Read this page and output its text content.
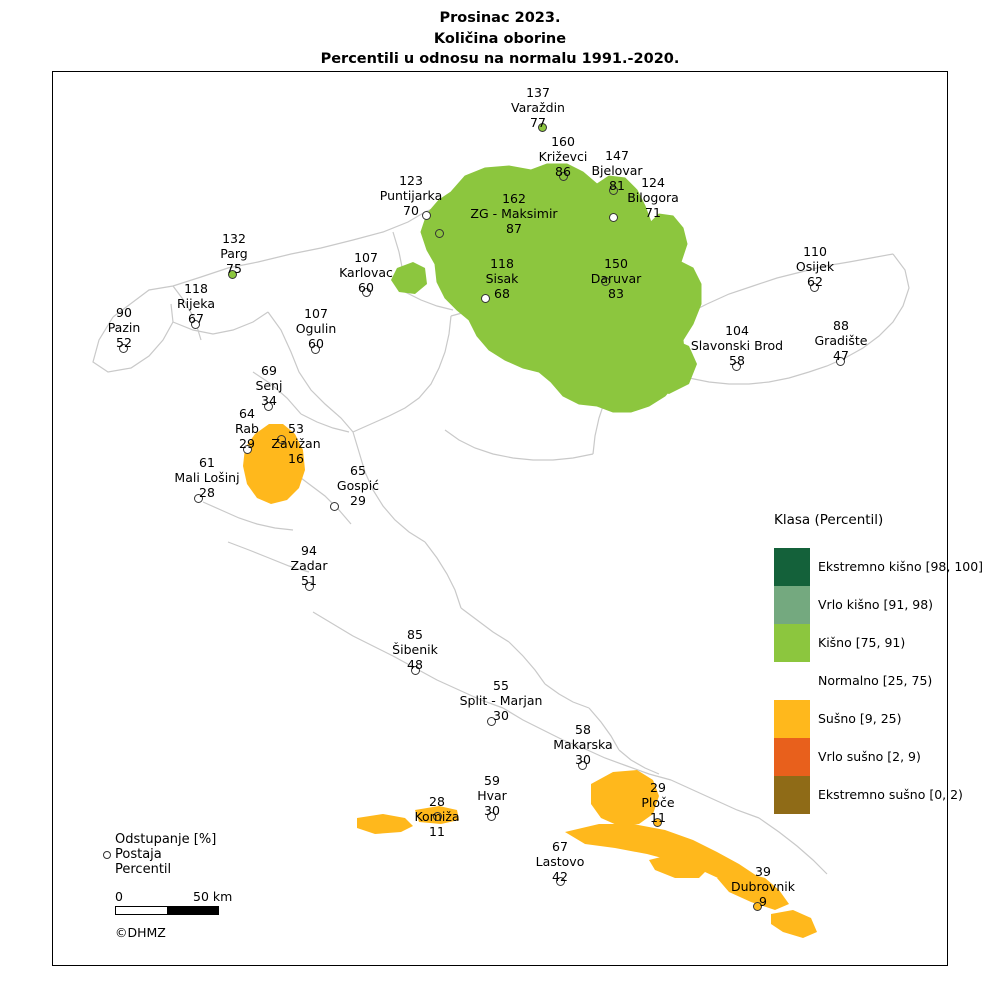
Prosinac 2023.
Količina oborine
Percentili u odnosu na normalu 1991.-2020.
Klasa (Percentil)
Ekstremno kišno [98, 100]
Vrlo kišno [91, 98)
Kišno [75, 91)
Normalno [25, 75)
Sušno [9, 25)
Vrlo sušno [2, 9)
Ekstremno sušno [0, 2)
Odstupanje [%]
Postaja
Percentil
0	50 km
©DHMZ
137
Varaždin
77
160
Križevci
86
147
Bjelovar
81	124
Bilogora
71
123
Puntijarka
70
162
ZG - Maksimir
87
132
Parg
75
107
Karlovac
60
118
Sisak
68
150
Daruvar
83
110
Osijek
62
104
Slavonski Brod
58
88
Gradište
47
118
Rijeka
67
90
Pazin
52
107
Ogulin
60
69
Senj
34
64
Rab
29
53
Zavižan
16
61
Mali Lošinj
28
65
Gospić
29
94
Zadar
51
85
Šibenik
48
55
Split - Marjan
30
58
Makarska
30
59
Hvar
30
28
Komiža
11
29
Ploče
11
67
Lastovo
42	39
Dubrovnik
9
